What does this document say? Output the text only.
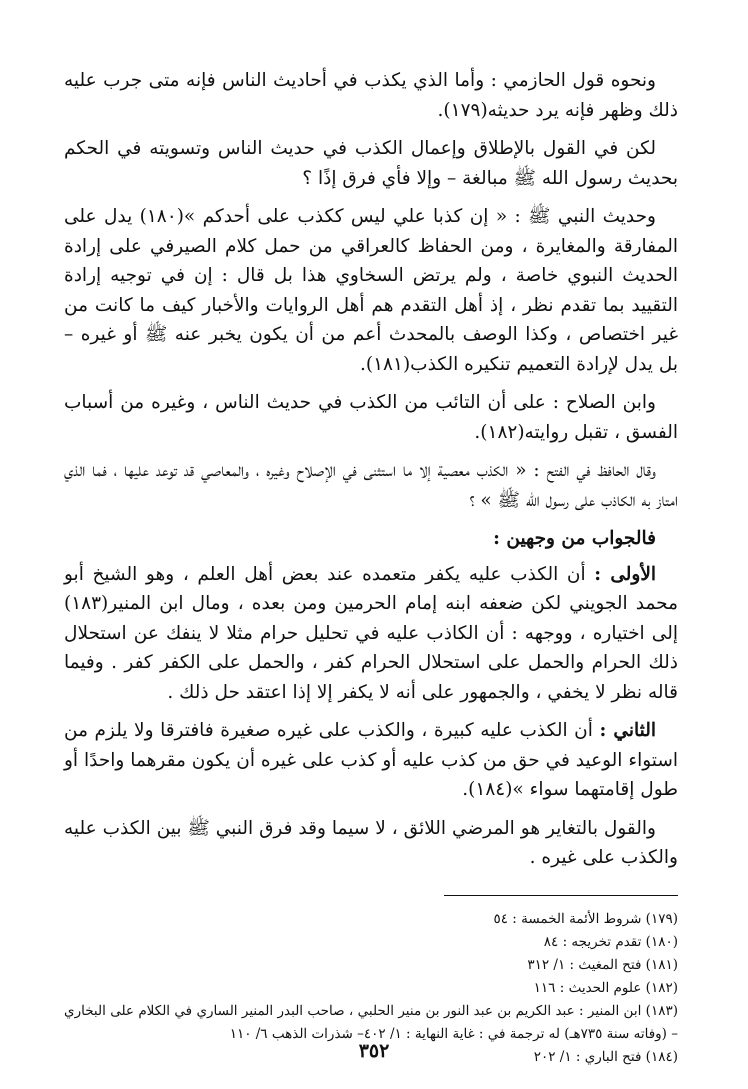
ونحوه قول الحازمي : وأما الذي يكذب في أحاديث الناس فإنه متى جرب عليه ذلك وظهر فإنه يرد حديثه(١٧٩).

لكن في القول بالإطلاق وإعمال الكذب في حديث الناس وتسويته في الحكم بحديث رسول الله ﷺ مبالغة – وإلا فأي فرق إذًا ؟

وحديث النبي ﷺ : « إن كذبا علي ليس ككذب على أحدكم »(١٨٠) يدل على المفارقة والمغايرة ، ومن الحفاظ كالعراقي من حمل كلام الصيرفي على إرادة الحديث النبوي خاصة ، ولم يرتض السخاوي هذا بل قال : إن في توجيه إرادة التقييد بما تقدم نظر ، إذ أهل التقدم هم أهل الروايات والأخبار كيف ما كانت من غير اختصاص ، وكذا الوصف بالمحدث أعم من أن يكون يخبر عنه ﷺ أو غيره – بل يدل لإرادة التعميم تنكيره الكذب(١٨١).

وابن الصلاح : على أن التائب من الكذب في حديث الناس ، وغيره من أسباب الفسق ، تقبل روايته(١٨٢).

وقال الحافظ في الفتح : « الكذب معصية إلا ما استثنى في الإصلاح وغيره ، والمعاصي قد توعد عليها ، فما الذي امتاز به الكاذب على رسول الله ﷺ » ؟

فالجواب من وجهين :

الأولى : أن الكذب عليه يكفر متعمده عند بعض أهل العلم ، وهو الشيخ أبو محمد الجويني لكن ضعفه ابنه إمام الحرمين ومن بعده ، ومال ابن المنير(١٨٣) إلى اختياره ، ووجهه : أن الكاذب عليه في تحليل حرام مثلا لا ينفك عن استحلال ذلك الحرام والحمل على استحلال الحرام كفر ، والحمل على الكفر كفر . وفيما قاله نظر لا يخفي ، والجمهور على أنه لا يكفر إلا إذا اعتقد حل ذلك .

الثاني : أن الكذب عليه كبيرة ، والكذب على غيره صغيرة فافترقا ولا يلزم من استواء الوعيد في حق من كذب عليه أو كذب على غيره أن يكون مقرهما واحدًا أو طول إقامتهما سواء »(١٨٤).

والقول بالتغاير هو المرضي اللائق ، لا سيما وقد فرق النبي ﷺ بين الكذب عليه والكذب على غيره .

(١٧٩) شروط الأئمة الخمسة : ٥٤

(١٨٠) تقدم تخريجه : ٨٤

(١٨١) فتح المغيث : ١/ ٣١٢

(١٨٢) علوم الحديث : ١١٦

(١٨٣) ابن المنير : عبد الكريم بن عبد النور بن منير الحلبي ، صاحب البدر المنير الساري في الكلام على البخاري – (وفاته سنة ٧٣٥هـ) له ترجمة في : غاية النهاية : ١/ ٤٠٢– شذرات الذهب ٦/ ١١٠

(١٨٤) فتح الباري : ١/ ٢٠٢

٣٥٢
